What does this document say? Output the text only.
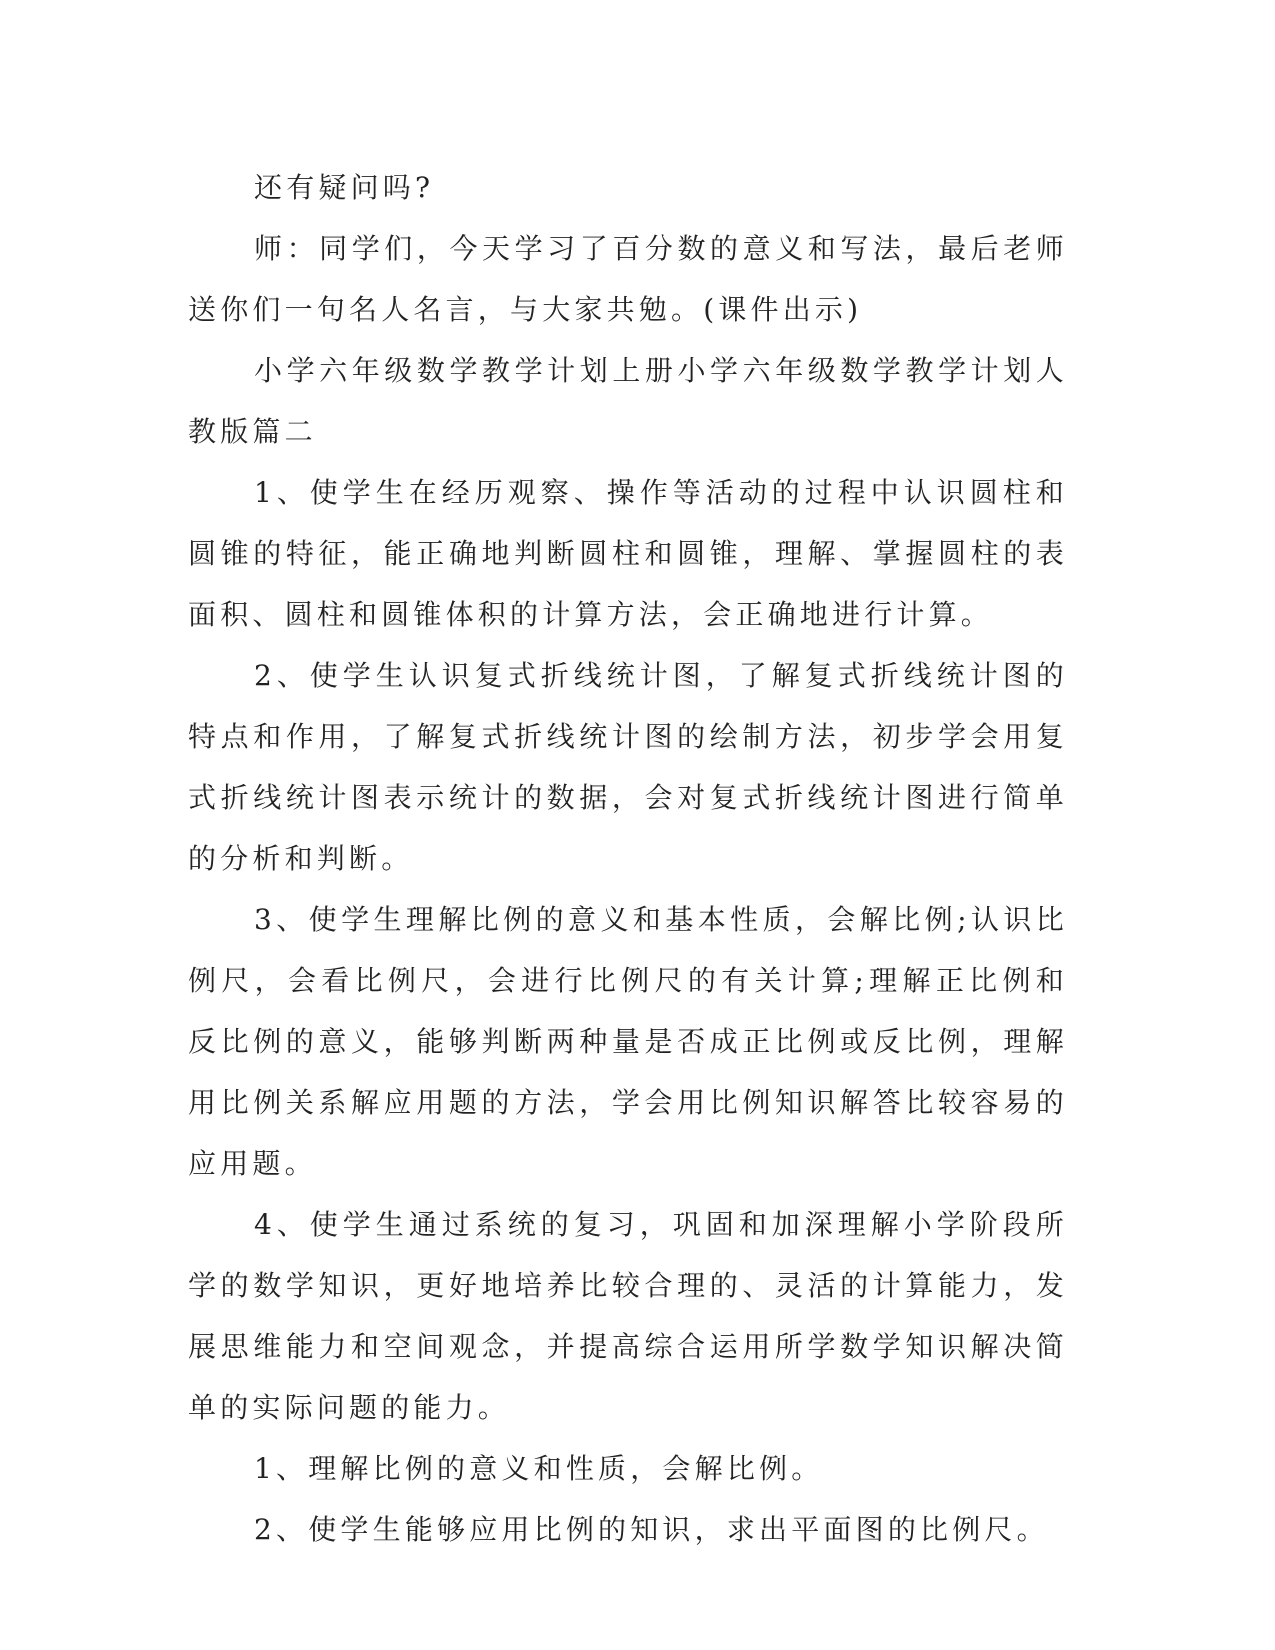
还有疑问吗?

师：同学们，今天学习了百分数的意义和写法，最后老师送你们一句名人名言，与大家共勉。(课件出示)

小学六年级数学教学计划上册小学六年级数学教学计划人教版篇二

1、使学生在经历观察、操作等活动的过程中认识圆柱和圆锥的特征，能正确地判断圆柱和圆锥，理解、掌握圆柱的表面积、圆柱和圆锥体积的计算方法，会正确地进行计算。

2、使学生认识复式折线统计图，了解复式折线统计图的特点和作用，了解复式折线统计图的绘制方法，初步学会用复式折线统计图表示统计的数据，会对复式折线统计图进行简单的分析和判断。

3、使学生理解比例的意义和基本性质，会解比例;认识比例尺，会看比例尺，会进行比例尺的有关计算;理解正比例和反比例的意义，能够判断两种量是否成正比例或反比例，理解用比例关系解应用题的方法，学会用比例知识解答比较容易的应用题。

4、使学生通过系统的复习，巩固和加深理解小学阶段所学的数学知识，更好地培养比较合理的、灵活的计算能力，发展思维能力和空间观念，并提高综合运用所学数学知识解决简单的实际问题的能力。

1、理解比例的意义和性质，会解比例。

2、使学生能够应用比例的知识，求出平面图的比例尺。
